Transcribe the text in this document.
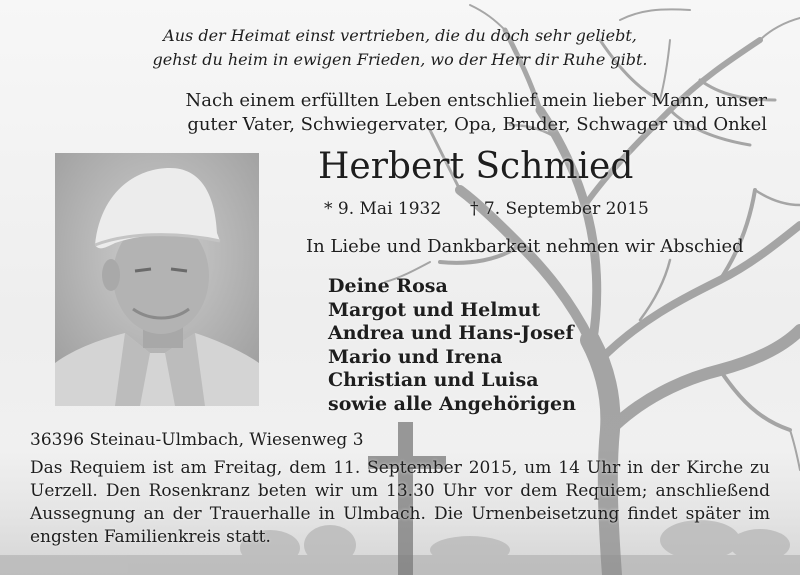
Aus der Heimat einst vertrieben, die du doch sehr geliebt,

gehst du heim in ewigen Frieden, wo der Herr dir Ruhe gibt.

Nach einem erfüllten Leben entschlief mein lieber Mann, unser

guter Vater, Schwiegervater, Opa, Bruder, Schwager und Onkel

Herbert Schmied

* 9. Mai 1932 † 7. September 2015

In Liebe und Dankbarkeit nehmen wir Abschied

Deine Rosa
Margot und Helmut
Andrea und Hans-Josef
Mario und Irena
Christian und Luisa
sowie alle Angehörigen

36396 Steinau-Ulmbach, Wiesenweg 3

Das Requiem ist am Freitag, dem 11. September 2015, um 14 Uhr in der Kirche zu Uerzell. Den Rosenkranz beten wir um 13.30 Uhr vor dem Requiem; anschließend Aussegnung an der Trauerhalle in Ulmbach. Die Urnenbeisetzung findet später im engsten Familienkreis statt.
